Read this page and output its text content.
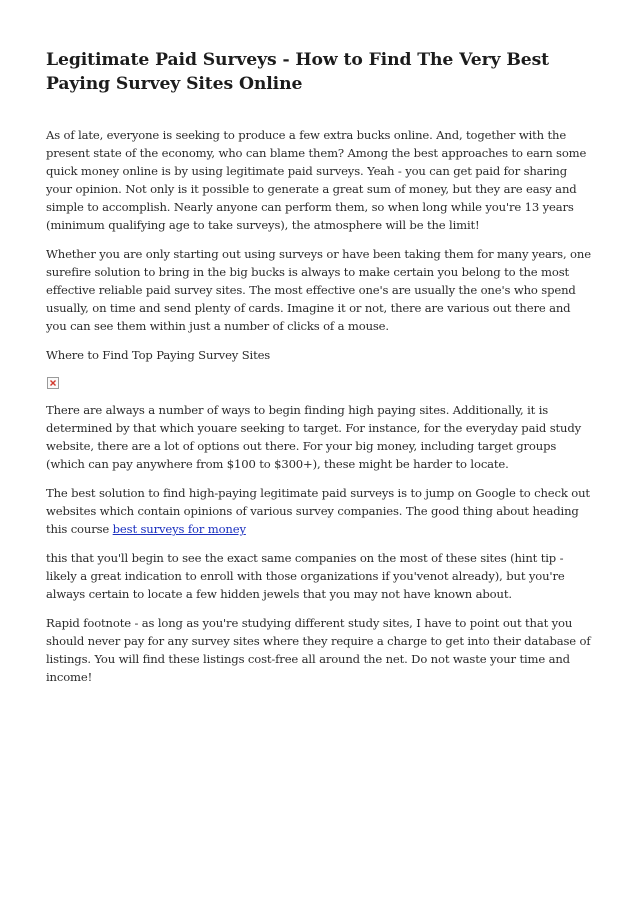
Legitimate Paid Surveys - How to Find The Very Best Paying Survey Sites Online

As of late, everyone is seeking to produce a few extra bucks online. And, together with the present state of the economy, who can blame them? Among the best approaches to earn some quick money online is by using legitimate paid surveys. Yeah - you can get paid for sharing your opinion. Not only is it possible to generate a great sum of money, but they are easy and simple to accomplish. Nearly anyone can perform them, so when long while you're 13 years (minimum qualifying age to take surveys), the atmosphere will be the limit!

Whether you are only starting out using surveys or have been taking them for many years, one surefire solution to bring in the big bucks is always to make certain you belong to the most effective reliable paid survey sites. The most effective one's are usually the one's who spend usually, on time and send plenty of cards. Imagine it or not, there are various out there and you can see them within just a number of clicks of a mouse.

Where to Find Top Paying Survey Sites

There are always a number of ways to begin finding high paying sites. Additionally, it is determined by that which youare seeking to target. For instance, for the everyday paid study website, there are a lot of options out there. For your big money, including target groups (which can pay anywhere from $100 to $300+), these might be harder to locate.

The best solution to find high-paying legitimate paid surveys is to jump on Google to check out websites which contain opinions of various survey companies. The good thing about heading this course best surveys for money

this that you'll begin to see the exact same companies on the most of these sites (hint tip - likely a great indication to enroll with those organizations if you'venot already), but you're always certain to locate a few hidden jewels that you may not have known about.

Rapid footnote - as long as you're studying different study sites, I have to point out that you should never pay for any survey sites where they require a charge to get into their database of listings. You will find these listings cost-free all around the net. Do not waste your time and income!
